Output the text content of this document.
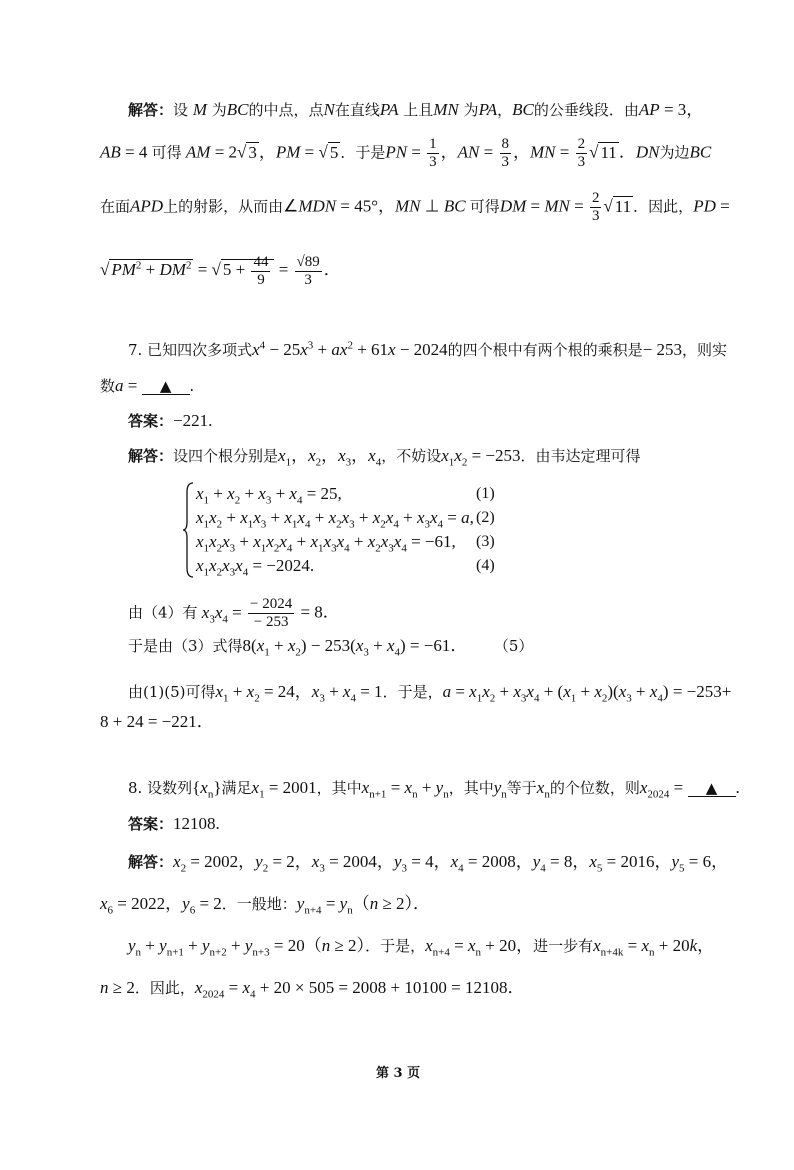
解答：设 M 为BC的中点，点N在直线PA 上且MN 为PA，BC的公垂线段．由AP = 3，
AB = 4 可得 AM = 2√ 3 ，PM = √ 5 ．于是PN = $\frac{1}{3}$ ，AN = $\frac{8}{3}$ ，MN = $\frac{2}{3}$ √ 11 ．DN为边BC
在面APD上的射影，从而由∠MDN = 45°，MN ⊥ BC 可得DM = MN = $\frac{2}{3}$ √ 11 ．因此，PD =
√ $PM^2 + DM^2$ = √ $5 + \frac{44}{9} = \frac{√89}{3}$ ．
7. 已知四次多项式$x^4 - 25x^3 + ax^2 + 61x - 2024$的四个根中有两个根的乘积是− 253，则实
数a = ▲ .
答案：−221.
解答：设四个根分别是$x_1$，$x_2$，$x_3$，$x_4$，不妨设$x_1x_2 = -253$．由韦达定理可得
$x_1 + x_2 + x_3 + x_4 = 25$,
$x_1x_2 + x_1x_3 + x_1x_4 + x_2x_3 + x_2x_4 + x_3x_4 = a$,
$x_1x_2x_3 + x_1x_2x_4 + x_1x_3x_4 + x_2x_3x_4 = -61$,
$x_1x_2x_3x_4 = -2024$.
(1)
(2)
(3)
(4)
由（4）有 $x_3x_4 = \frac{- 2024}{- 253} = 8$．
于是由（3）式得$8(x_1 + x_2) - 253(x_3 + x_4) = -61$． （5）
由(1)(5)可得$x_1 + x_2 = 24$，$x_3 + x_4 = 1$．于是，$a = x_1x_2 + x_3x_4 + (x_1 + x_2)(x_3 + x_4) = -253+$
8 + 24 = −221．
8. 设数列$\{x_n\}$满足$x_1 = 2001$，其中$x_{n+1} = x_n + y_n$，其中$y_n$等于$x_n$的个位数，则$x_{2024}$ = ▲ .
答案：12108.
解答：$x_2 = 2002$，$y_2 = 2$，$x_3 = 2004$，$y_3 = 4$，$x_4 = 2008$，$y_4 = 8$，$x_5 = 2016$，$y_5 = 6$，
$x_6 = 2022$，$y_6 = 2$．一般地：$y_{n+4} = y_n(n \ge 2)$．
$y_n + y_{n+1} + y_{n+2} + y_{n+3} = 20(n \ge 2)$．于是，$x_{n+4} = x_n + 20$，进一步有$x_{n+4k} = x_n + 20k$，
n ≥ 2．因此，$x_{2024} = x_4 + 20 \times 505 = 2008 + 10100 = 12108$．
第 3 页
